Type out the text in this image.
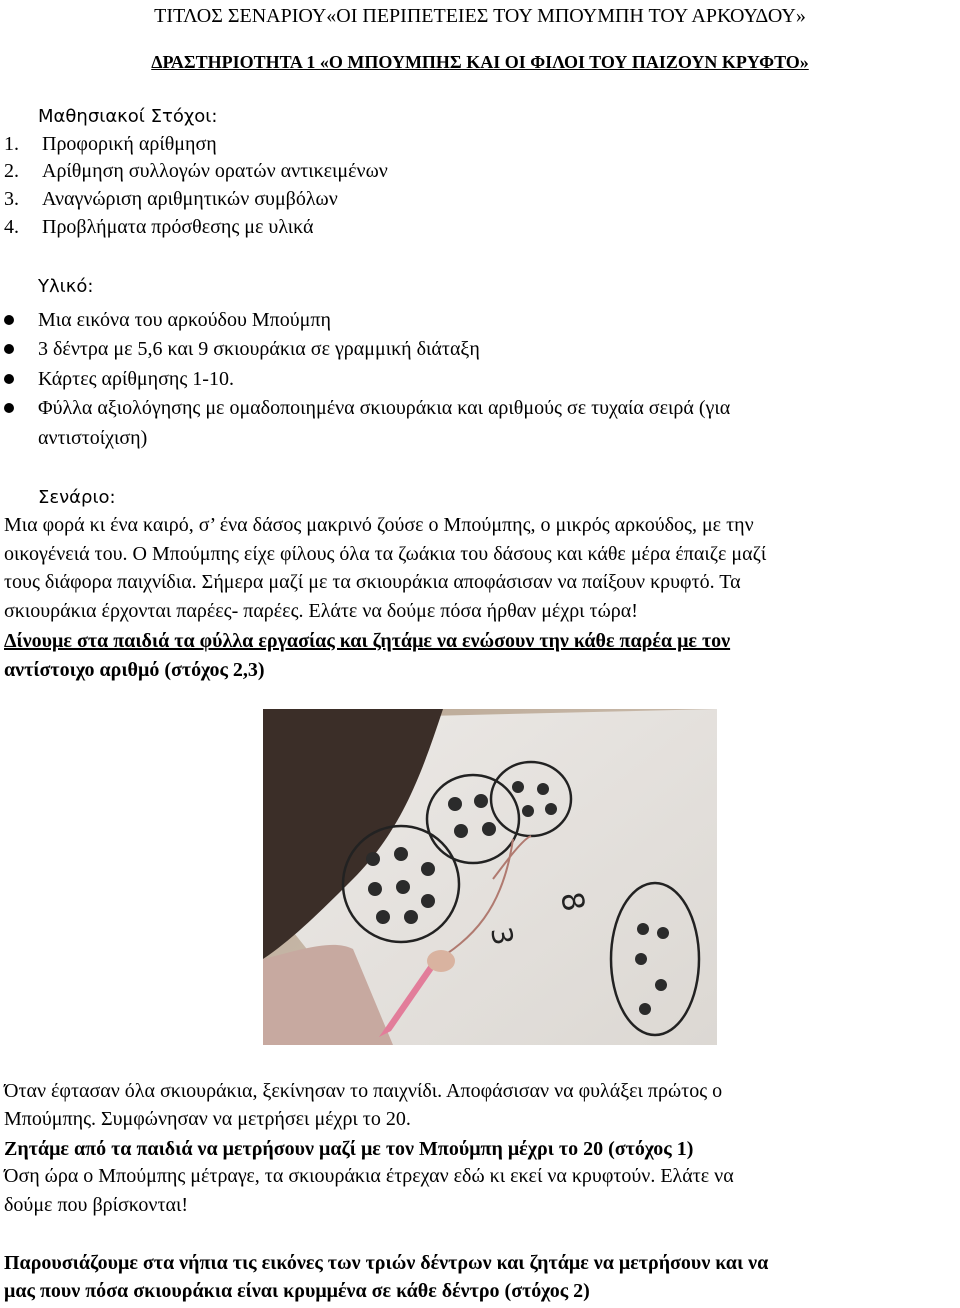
ΤΙΤΛΟΣ ΣΕΝΑΡΙΟΥ«ΟΙ ΠΕΡΙΠΕΤΕΙΕΣ ΤΟΥ ΜΠΟΥΜΠΗ ΤΟΥ ΑΡΚΟΥΔΟΥ»
ΔΡΑΣΤΗΡΙΟΤΗΤΑ 1 «Ο ΜΠΟΥΜΠΗΣ ΚΑΙ ΟΙ ΦΙΛΟΙ ΤΟΥ ΠΑΙΖΟΥΝ ΚΡΥΦΤΟ»
Μαθησιακοί Στόχοι:
1. Προφορική αρίθμηση
2. Αρίθμηση συλλογών ορατών αντικειμένων
3. Αναγνώριση αριθμητικών συμβόλων
4. Προβλήματα πρόσθεσης με υλικά
Υλικό:
Μια εικόνα του αρκούδου Μπούμπη
3 δέντρα με 5,6 και 9 σκιουράκια σε γραμμική διάταξη
Κάρτες αρίθμησης 1-10.
Φύλλα αξιολόγησης με ομαδοποιημένα σκιουράκια και αριθμούς σε τυχαία σειρά (για
αντιστοίχιση)
Σενάριο:
Μια φορά κι ένα καιρό, σ’ ένα δάσος μακρινό ζούσε ο Μπούμπης, ο μικρός αρκούδος, με την
οικογένειά του. Ο Μπούμπης είχε φίλους όλα τα ζωάκια του δάσους και κάθε μέρα έπαιζε μαζί
τους διάφορα παιχνίδια. Σήμερα μαζί με τα σκιουράκια αποφάσισαν να παίξουν κρυφτό. Τα
σκιουράκια έρχονται παρέες- παρέες. Ελάτε να δούμε πόσα ήρθαν μέχρι τώρα!
Δίνουμε στα παιδιά τα φύλλα εργασίας και ζητάμε να ενώσουν την κάθε παρέα με τον
αντίστοιχο αριθμό (στόχος 2,3)
8
3
Όταν έφτασαν όλα σκιουράκια, ξεκίνησαν το παιχνίδι. Αποφάσισαν να φυλάξει πρώτος ο
Μπούμπης. Συμφώνησαν να μετρήσει μέχρι το 20.
Ζητάμε από τα παιδιά να μετρήσουν μαζί με τον Μπούμπη μέχρι το 20 (στόχος 1)
Όση ώρα ο Μπούμπης μέτραγε, τα σκιουράκια έτρεχαν εδώ κι εκεί να κρυφτούν. Ελάτε να
δούμε που βρίσκονται!
Παρουσιάζουμε στα νήπια τις εικόνες των τριών δέντρων και ζητάμε να μετρήσουν και να
μας πουν πόσα σκιουράκια είναι κρυμμένα σε κάθε δέντρο (στόχος 2)
